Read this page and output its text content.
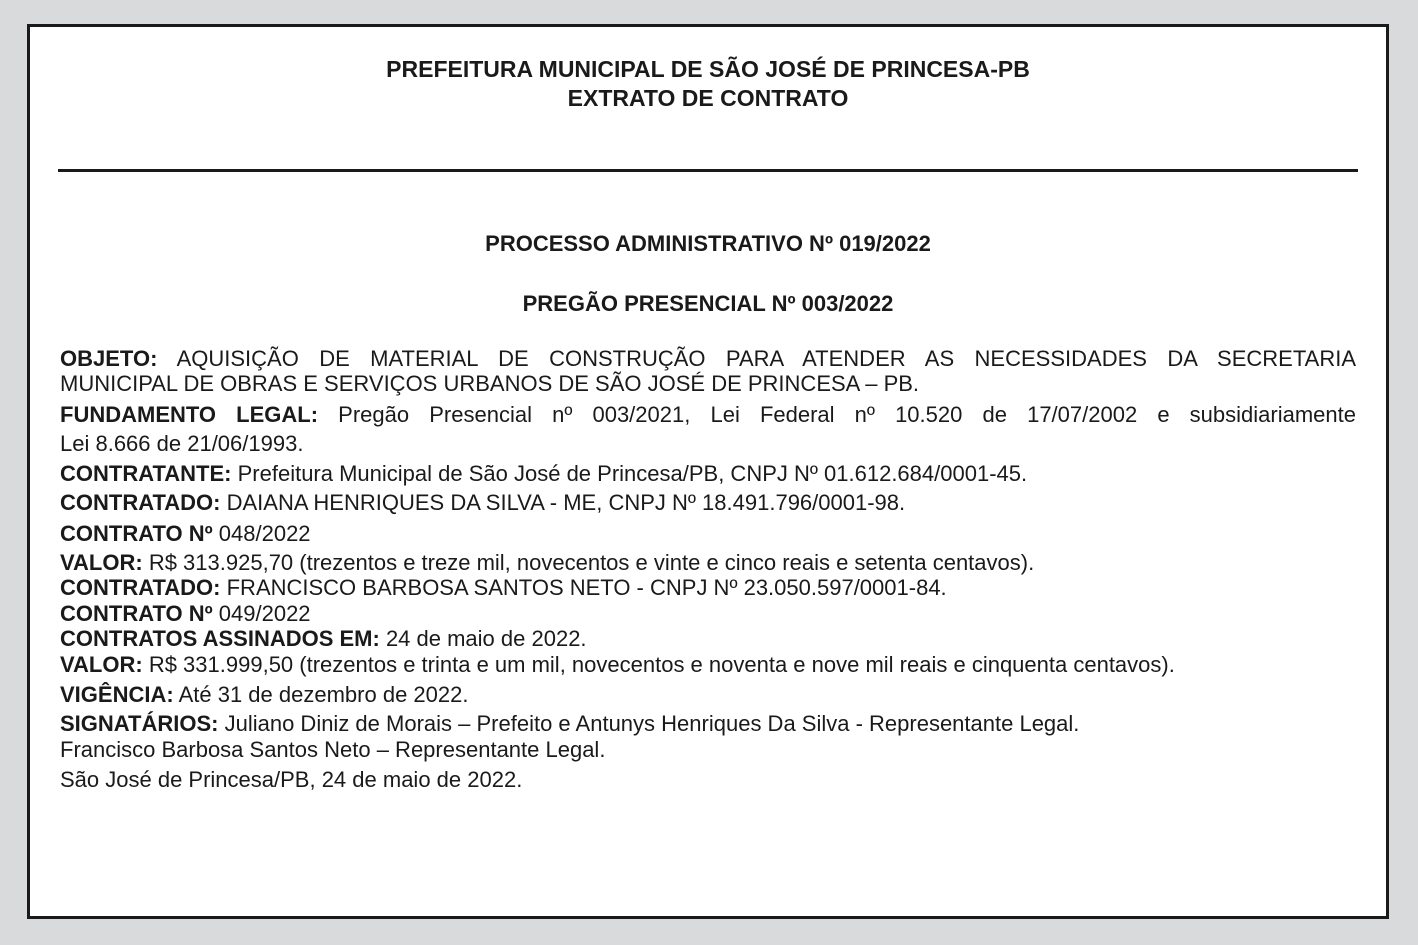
PREFEITURA MUNICIPAL DE SÃO JOSÉ DE PRINCESA-PB
EXTRATO DE CONTRATO
PROCESSO ADMINISTRATIVO Nº 019/2022
PREGÃO PRESENCIAL Nº 003/2022
OBJETO: AQUISIÇÃO DE MATERIAL DE CONSTRUÇÃO PARA ATENDER AS NECESSIDADES DA SECRETARIA
MUNICIPAL DE OBRAS E SERVIÇOS URBANOS DE SÃO JOSÉ DE PRINCESA – PB.
FUNDAMENTO LEGAL: Pregão Presencial nº 003/2021, Lei Federal nº 10.520 de 17/07/2002 e subsidiariamente
Lei 8.666 de 21/06/1993.
CONTRATANTE: Prefeitura Municipal de São José de Princesa/PB, CNPJ Nº 01.612.684/0001-45.
CONTRATADO: DAIANA HENRIQUES DA SILVA - ME, CNPJ Nº 18.491.796/0001-98.
CONTRATO Nº 048/2022
VALOR: R$ 313.925,70 (trezentos e treze mil, novecentos e vinte e cinco reais e setenta centavos).
CONTRATADO: FRANCISCO BARBOSA SANTOS NETO - CNPJ Nº 23.050.597/0001-84.
CONTRATO Nº 049/2022
CONTRATOS ASSINADOS EM: 24 de maio de 2022.
VALOR: R$ 331.999,50 (trezentos e trinta e um mil, novecentos e noventa e nove mil reais e cinquenta centavos).
VIGÊNCIA: Até 31 de dezembro de 2022.
SIGNATÁRIOS: Juliano Diniz de Morais – Prefeito e Antunys Henriques Da Silva - Representante Legal.
Francisco Barbosa Santos Neto – Representante Legal.
São José de Princesa/PB, 24 de maio de 2022.
